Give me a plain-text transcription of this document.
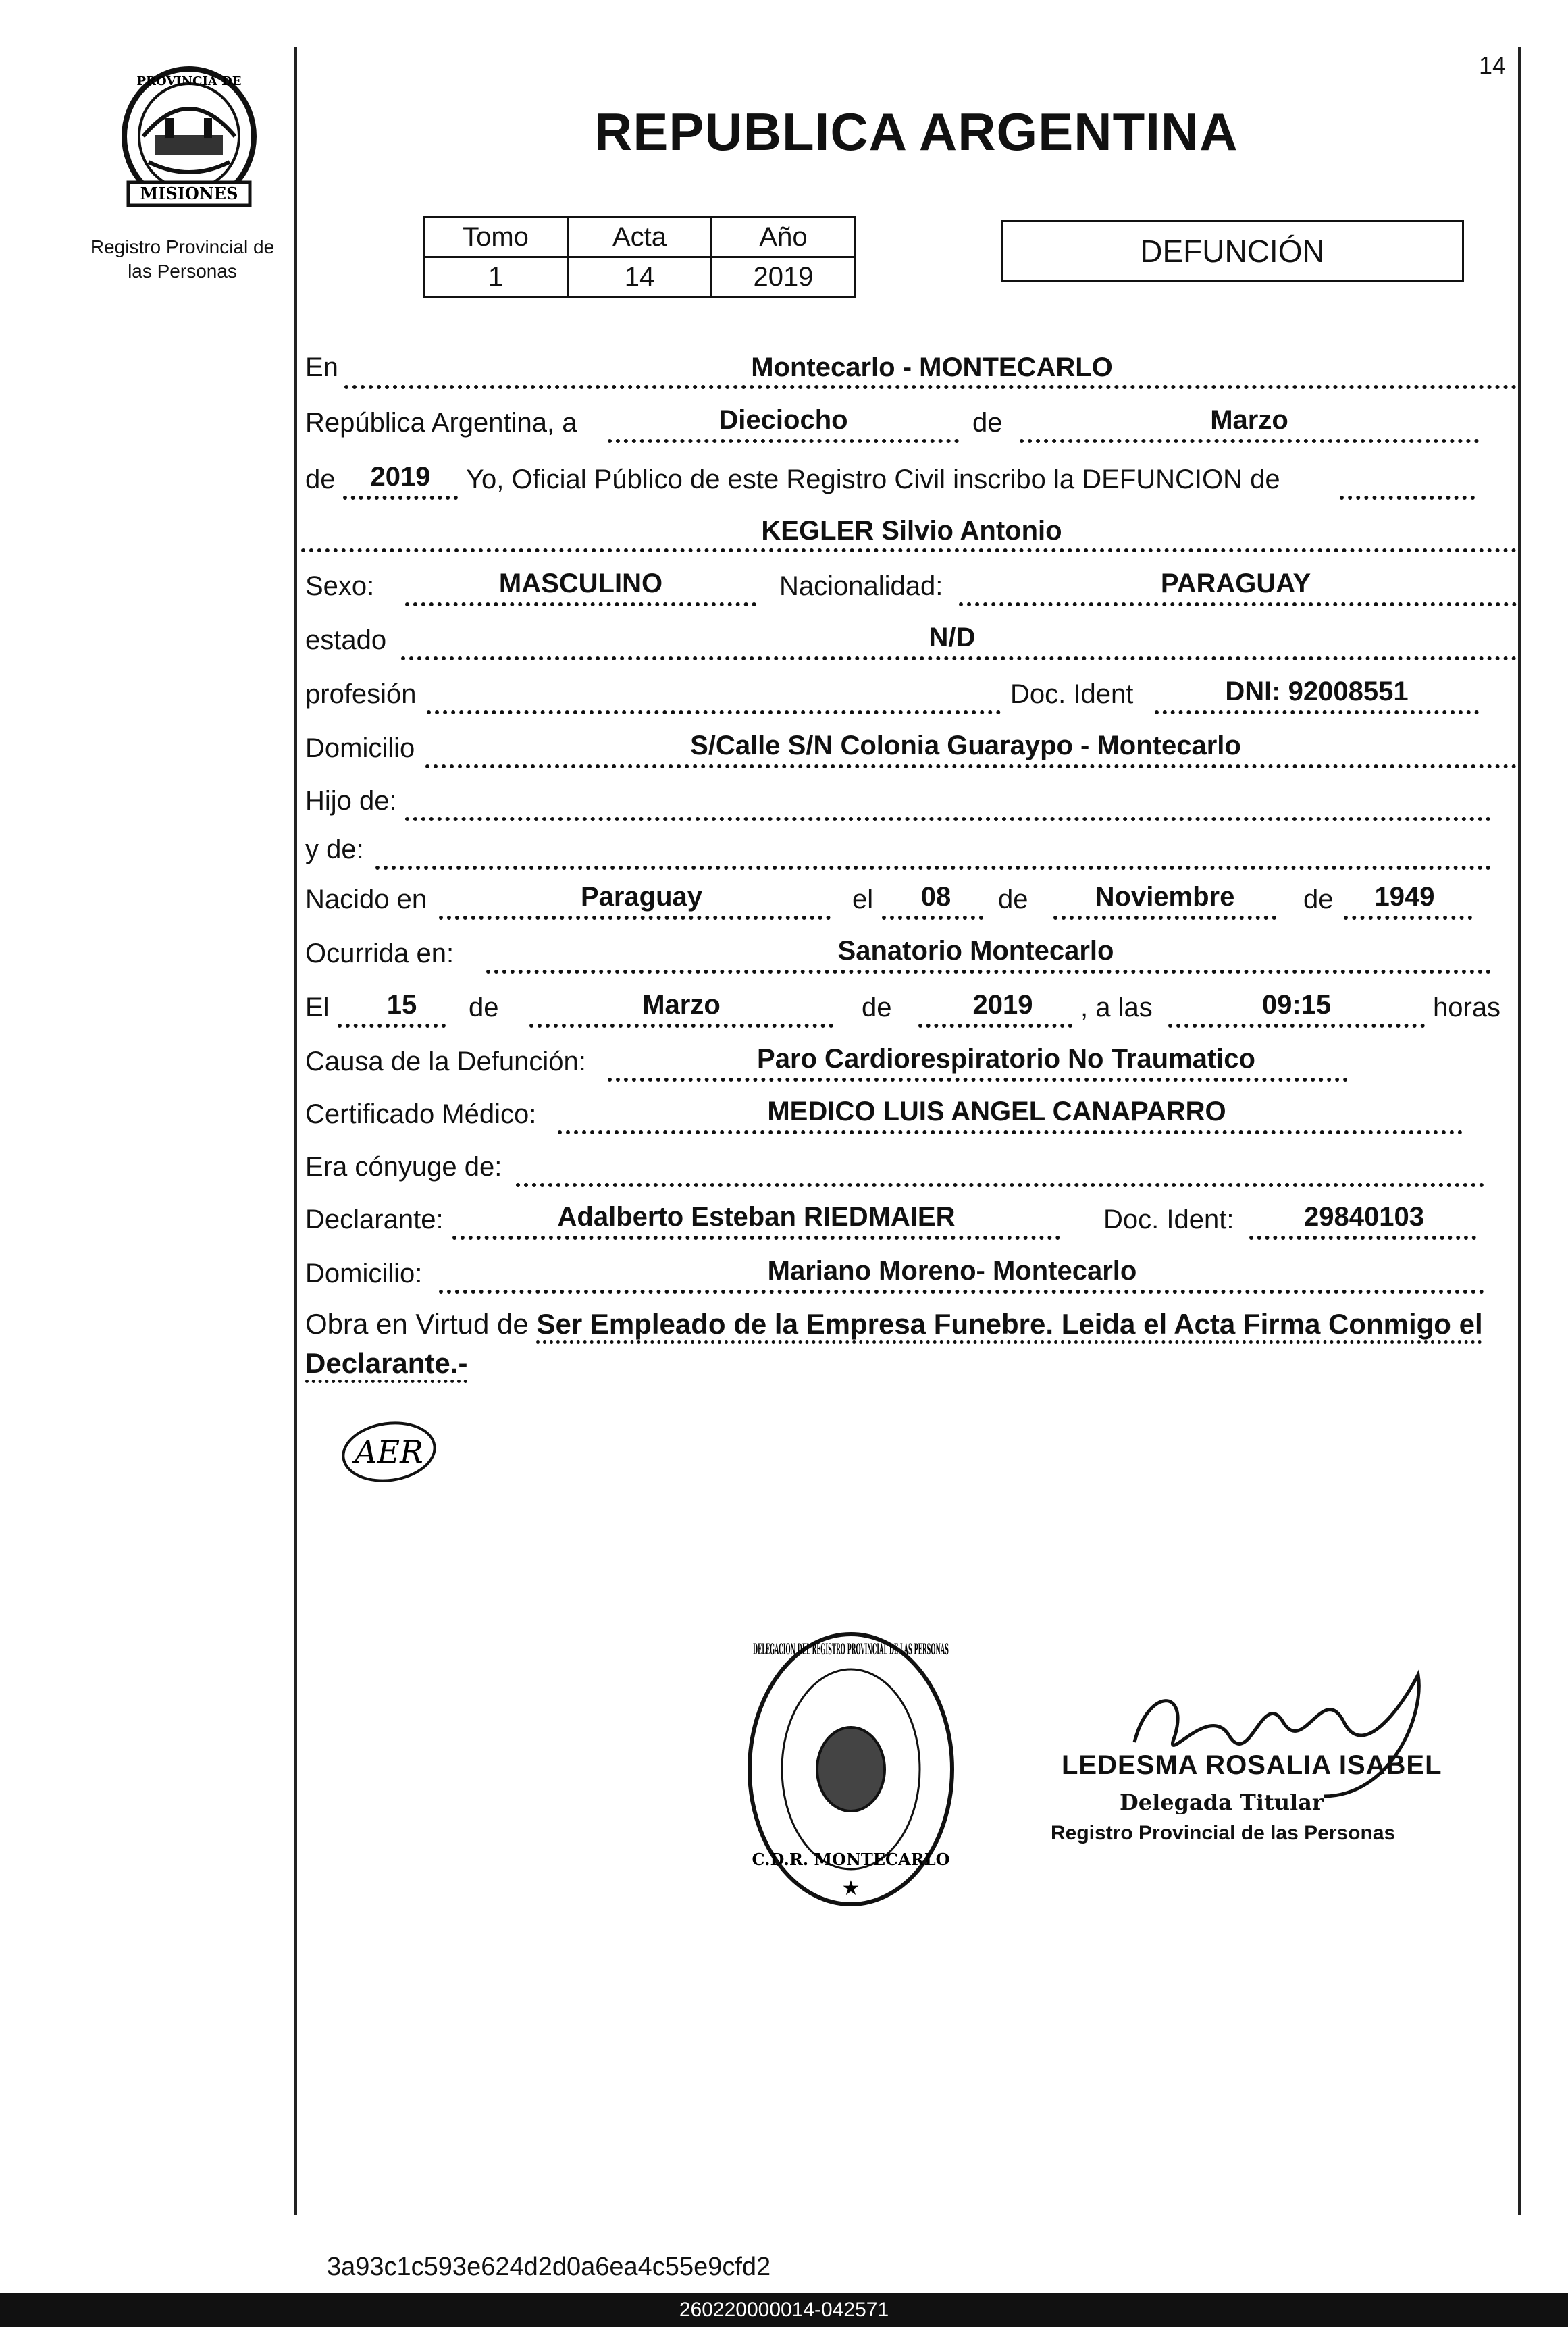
14
MISIONES
PROVINCIA DE
Registro Provincial de
las Personas
REPUBLICA ARGENTINA
Tomo	Acta	Año
1	14	2019
DEFUNCIÓN
En	Montecarlo - MONTECARLO
República Argentina, a	Dieciocho	de	Marzo
de	2019	Yo, Oficial Público de este Registro Civil inscribo la DEFUNCION de
KEGLER Silvio Antonio
Sexo:	MASCULINO	Nacionalidad:	PARAGUAY
estado	N/D
profesión	Doc. Ident	DNI: 92008551
Domicilio	S/Calle S/N Colonia Guaraypo - Montecarlo
Hijo de:
y de:
Nacido en	Paraguay	el	08	de	Noviembre	de	1949
Ocurrida en:	Sanatorio Montecarlo
El	15	de	Marzo	de	2019	, a las	09:15	horas
Causa de la Defunción:	Paro Cardiorespiratorio No Traumatico
Certificado Médico:	MEDICO LUIS ANGEL CANAPARRO
Era cónyuge de:
Declarante:	Adalberto Esteban RIEDMAIER	Doc. Ident:	29840103
Domicilio:	Mariano Moreno- Montecarlo
Obra en Virtud de Ser Empleado de la Empresa Funebre. Leida el Acta Firma Conmigo el Declarante.-
AER
DELEGACION DEL REGISTRO PROVINCIAL DE LAS PERSONAS
C.D.R. MONTECARLO
★
LEDESMA ROSALIA ISABEL
Delegada Titular
Registro Provincial de las Personas
3a93c1c593e624d2d0a6ea4c55e9cfd2
260220000014-042571
